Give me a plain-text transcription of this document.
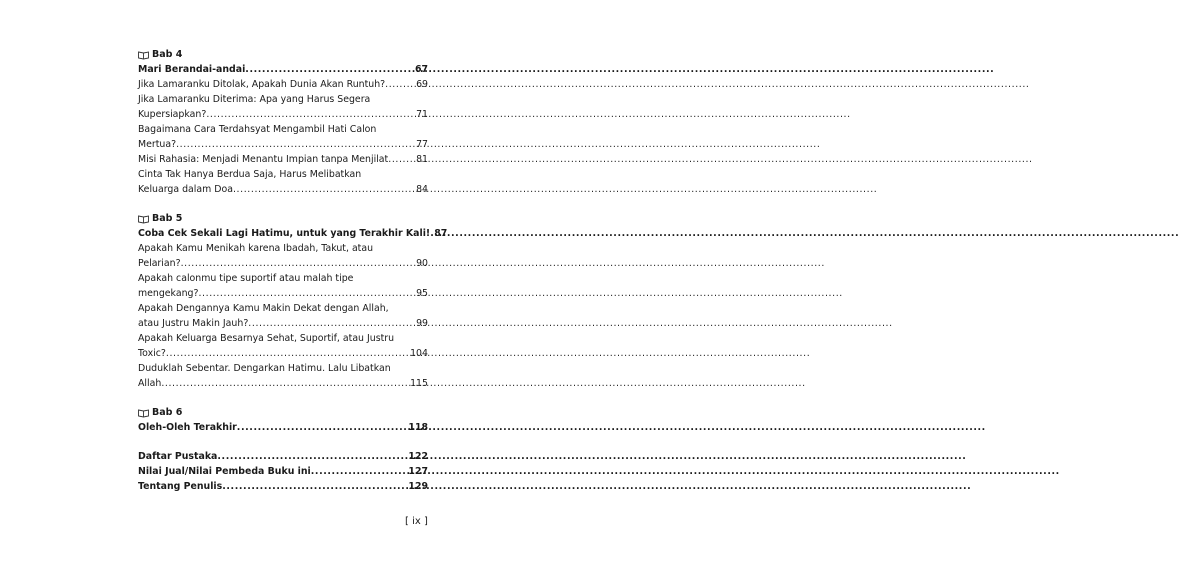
Bab 4
Mari Berandai-andai .....	67
Jika Lamaranku Ditolak, Apakah Dunia Akan Runtuh? .....	69
Jika Lamaranku Diterima: Apa yang Harus Segera
Kupersiapkan? .....	71
Bagaimana Cara Terdahsyat Mengambil Hati Calon
Mertua? .....	77
Misi Rahasia: Menjadi Menantu Impian tanpa Menjilat .....	81
Cinta Tak Hanya Berdua Saja, Harus Melibatkan
Keluarga dalam Doa .....	84
Bab 5
Coba Cek Sekali Lagi Hatimu, untuk yang Terakhir Kali! ..... 87
Apakah Kamu Menikah karena Ibadah, Takut, atau
Pelarian? .....	90
Apakah calonmu tipe suportif atau malah tipe
mengekang? .....	95
Apakah Dengannya Kamu Makin Dekat dengan Allah,
atau Justru Makin Jauh? .....	99
Apakah Keluarga Besarnya Sehat, Suportif, atau Justru
Toxic? .....	104
Duduklah Sebentar. Dengarkan Hatimu. Lalu Libatkan
Allah .....	115
Bab 6
Oleh-Oleh Terakhir .....	118
Daftar Pustaka .....	122
Nilai Jual/Nilai Pembeda Buku ini .....	127
Tentang Penulis .....	129
[ ix ]
